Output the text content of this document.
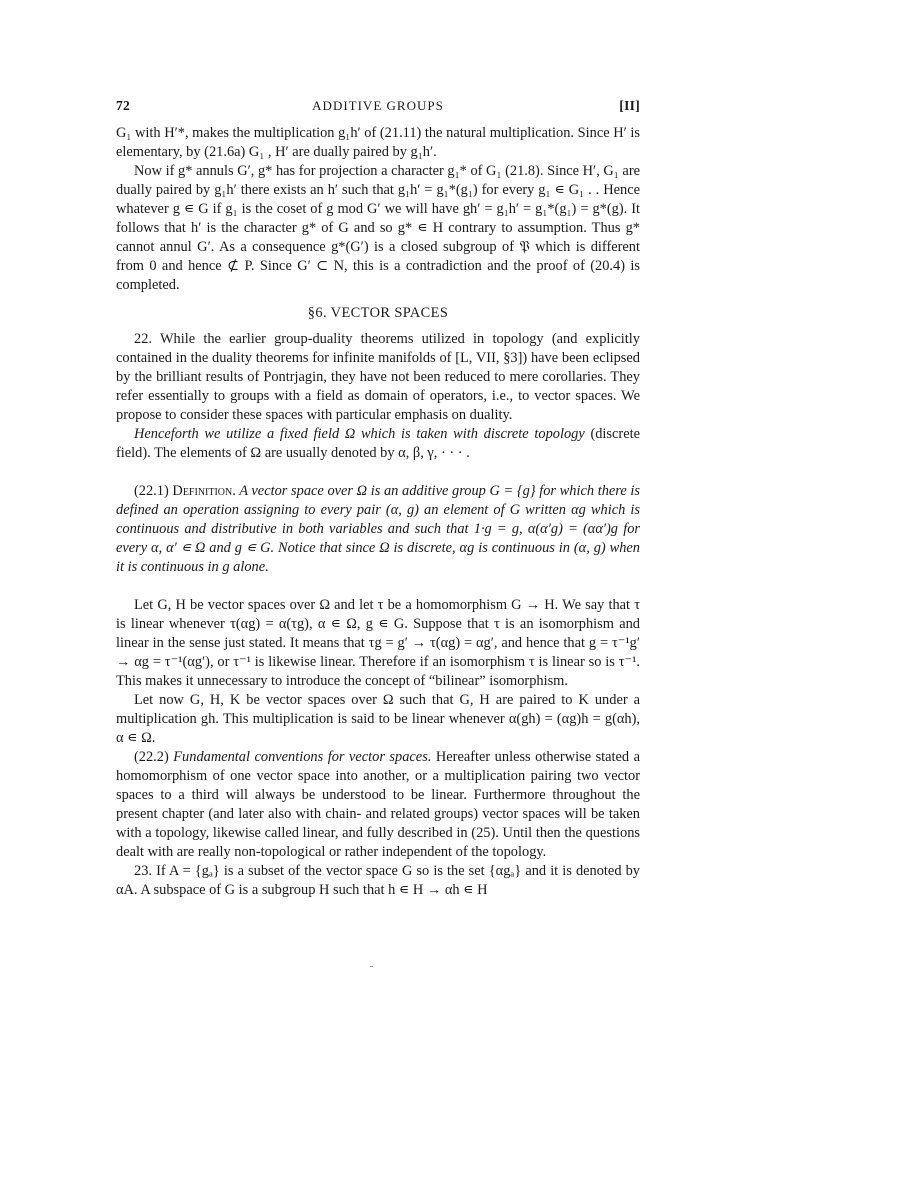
72	ADDITIVE GROUPS	[II]

G₁ with H′*, makes the multiplication g₁h′ of (21.11) the natural multiplication. Since H′ is elementary, by (21.6a) G₁ , H′ are dually paired by g₁h′.

Now if g* annuls G′, g* has for projection a character g₁* of G₁ (21.8). Since H′, G₁ are dually paired by g₁h′ there exists an h′ such that g₁h′ = g₁*(g₁) for every g₁ ∊ G₁ . . Hence whatever g ∊ G if g₁ is the coset of g mod G′ we will have gh′ = g₁h′ = g₁*(g₁) = g*(g). It follows that h′ is the character g* of G and so g* ∊ H contrary to assumption. Thus g* cannot annul G′. As a consequence g*(G′) is a closed subgroup of 𝔓 which is different from 0 and hence ⊄ P. Since G′ ⊂ N, this is a contradiction and the proof of (20.4) is completed.

§6. VECTOR SPACES

22. While the earlier group-duality theorems utilized in topology (and explicitly contained in the duality theorems for infinite manifolds of [L, VII, §3]) have been eclipsed by the brilliant results of Pontrjagin, they have not been reduced to mere corollaries. They refer essentially to groups with a field as domain of operators, i.e., to vector spaces. We propose to consider these spaces with particular emphasis on duality.

Henceforth we utilize a fixed field Ω which is taken with discrete topology (discrete field). The elements of Ω are usually denoted by α, β, γ, · · · .

(22.1) Definition. A vector space over Ω is an additive group G = {g} for which there is defined an operation assigning to every pair (α, g) an element of G written αg which is continuous and distributive in both variables and such that 1·g = g, α(α′g) = (αα′)g for every α, α′ ∊ Ω and g ∊ G. Notice that since Ω is discrete, αg is continuous in (α, g) when it is continuous in g alone.

Let G, H be vector spaces over Ω and let τ be a homomorphism G → H. We say that τ is linear whenever τ(αg) = α(τg), α ∊ Ω, g ∊ G. Suppose that τ is an isomorphism and linear in the sense just stated. It means that τg = g′ → τ(αg) = αg′, and hence that g = τ⁻¹g′ → αg = τ⁻¹(αg′), or τ⁻¹ is likewise linear. Therefore if an isomorphism τ is linear so is τ⁻¹. This makes it unnecessary to introduce the concept of “bilinear” isomorphism.

Let now G, H, K be vector spaces over Ω such that G, H are paired to K under a multiplication gh. This multiplication is said to be linear whenever α(gh) = (αg)h = g(αh), α ∊ Ω.

(22.2) Fundamental conventions for vector spaces. Hereafter unless otherwise stated a homomorphism of one vector space into another, or a multiplication pairing two vector spaces to a third will always be understood to be linear. Furthermore throughout the present chapter (and later also with chain- and related groups) vector spaces will be taken with a topology, likewise called linear, and fully described in (25). Until then the questions dealt with are really non-topological or rather independent of the topology.

23. If A = {gₐ} is a subset of the vector space G so is the set {αgₐ} and it is denoted by αA. A subspace of G is a subgroup H such that h ∊ H → αh ∊ H
